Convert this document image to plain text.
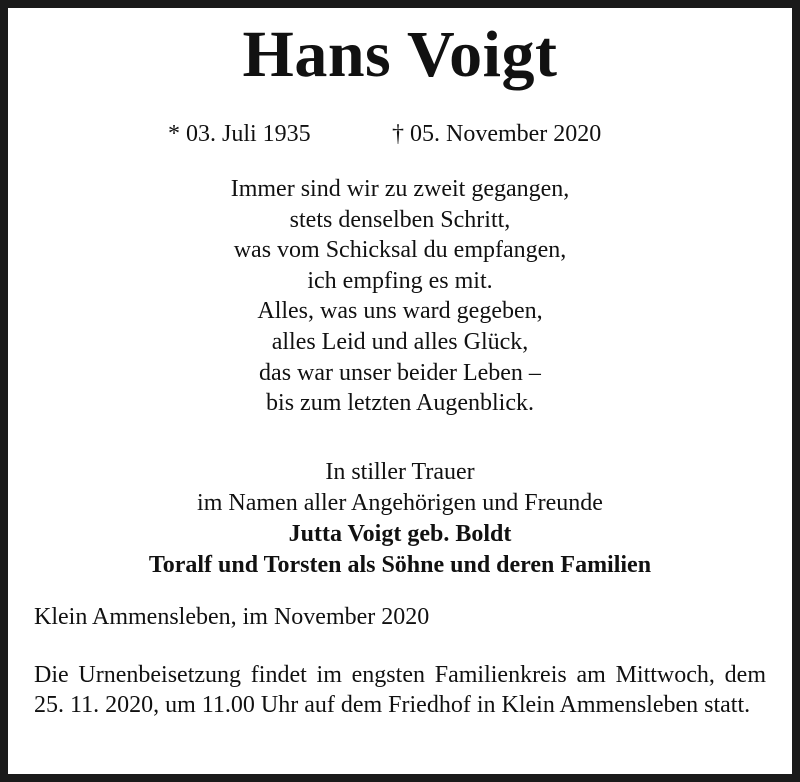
Hans Voigt
* 03. Juli 1935	† 05. November 2020
Immer sind wir zu zweit gegangen,
stets denselben Schritt,
was vom Schicksal du empfangen,
ich empfing es mit.
Alles, was uns ward gegeben,
alles Leid und alles Glück,
das war unser beider Leben –
bis zum letzten Augenblick.
In stiller Trauer
im Namen aller Angehörigen und Freunde
Jutta Voigt geb. Boldt
Toralf und Torsten als Söhne und deren Familien
Klein Ammensleben, im November 2020
Die Urnenbeisetzung findet im engsten Familienkreis am Mittwoch, dem 25. 11. 2020, um 11.00 Uhr auf dem Friedhof in Klein Ammensleben statt.
